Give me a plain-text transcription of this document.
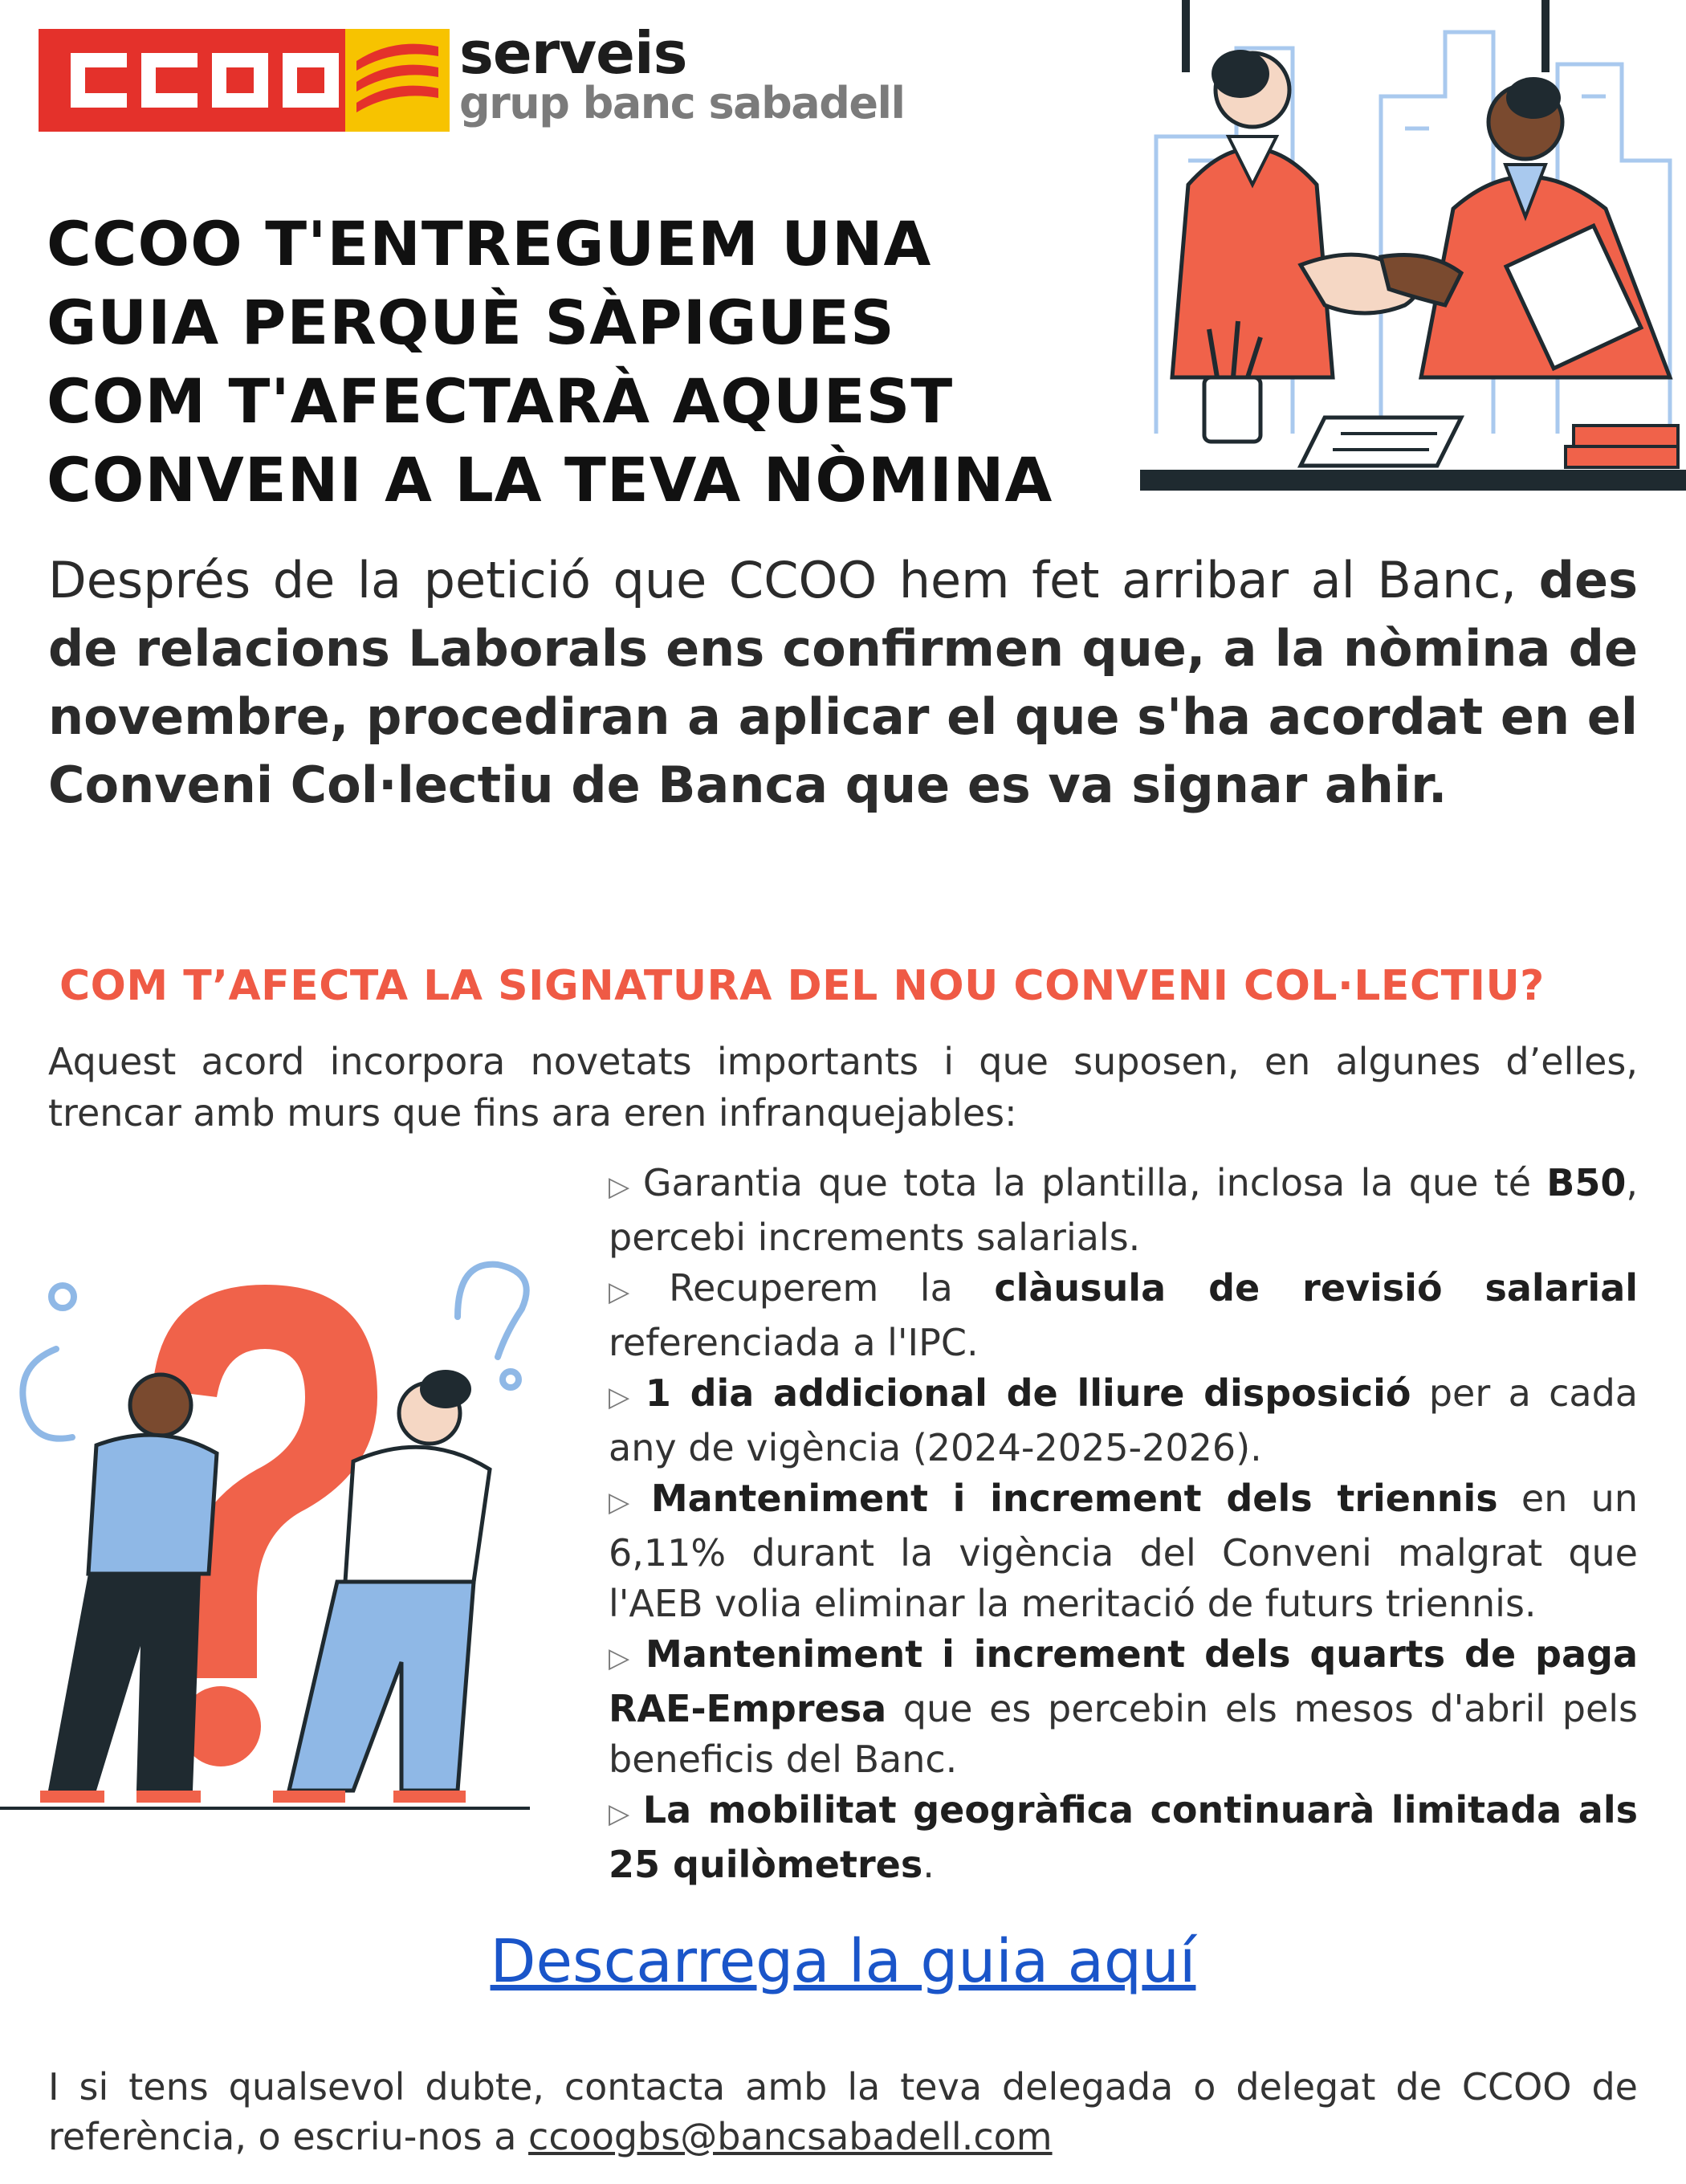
serveis
grup banc sabadell
CCOO T'ENTREGUEM UNA
GUIA PERQUÈ SÀPIGUES
COM T'AFECTARÀ AQUEST
CONVENI A LA TEVA NÒMINA
Després de la petició que CCOO hem fet arribar al Banc, des de relacions Laborals ens confirmen que, a la nòmina de novembre, procediran a aplicar el que s'ha acordat en el Conveni Col·lectiu de Banca que es va signar ahir.
COM T’AFECTA LA SIGNATURA DEL NOU CONVENI COL·LECTIU?
Aquest acord incorpora novetats importants i que suposen, en algunes d’elles, trencar amb murs que fins ara eren infranquejables:
▷ Garantia que tota la plantilla, inclosa la que té B50, percebi increments salarials.
▷ Recuperem la clàusula de revisió salarial referenciada a l'IPC.
▷ 1 dia addicional de lliure disposició per a cada any de vigència (2024-2025-2026).
▷ Manteniment i increment dels triennis en un 6,11% durant la vigència del Conveni malgrat que l'AEB volia eliminar la meritació de futurs triennis.
▷ Manteniment i increment dels quarts de paga RAE-Empresa que es percebin els mesos d'abril pels beneficis del Banc.
▷ La mobilitat geogràfica continuarà limitada als 25 quilòmetres.
Descarrega la guia aquí
I si tens qualsevol dubte, contacta amb la teva delegada o delegat de CCOO de referència, o escriu-nos a ccoogbs@bancsabadell.com
